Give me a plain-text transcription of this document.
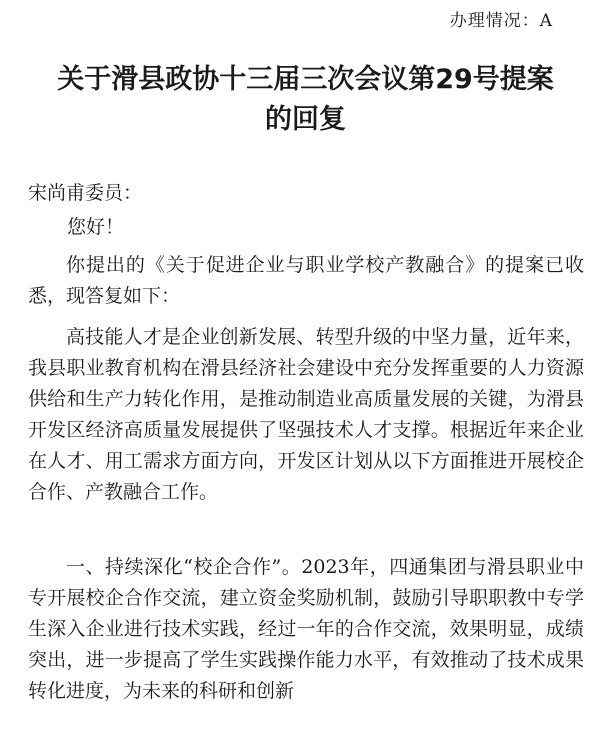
办理情况：A
关于滑县政协十三届三次会议第29号提案
的回复
宋尚甫委员：
您好！

你提出的《关于促进企业与职业学校产教融合》的提案已收悉，现答复如下：

高技能人才是企业创新发展、转型升级的中坚力量，近年来，我县职业教育机构在滑县经济社会建设中充分发挥重要的人力资源供给和生产力转化作用，是推动制造业高质量发展的关键，为滑县开发区经济高质量发展提供了坚强技术人才支撑。根据近年来企业在人才、用工需求方面方向，开发区计划从以下方面推进开展校企合作、产教融合工作。

一、持续深化“校企合作”。2023年，四通集团与滑县职业中专开展校企合作交流，建立资金奖励机制，鼓励引导职职教中专学生深入企业进行技术实践，经过一年的合作交流，效果明显，成绩突出，进一步提高了学生实践操作能力水平，有效推动了技术成果转化进度，为未来的科研和创新
